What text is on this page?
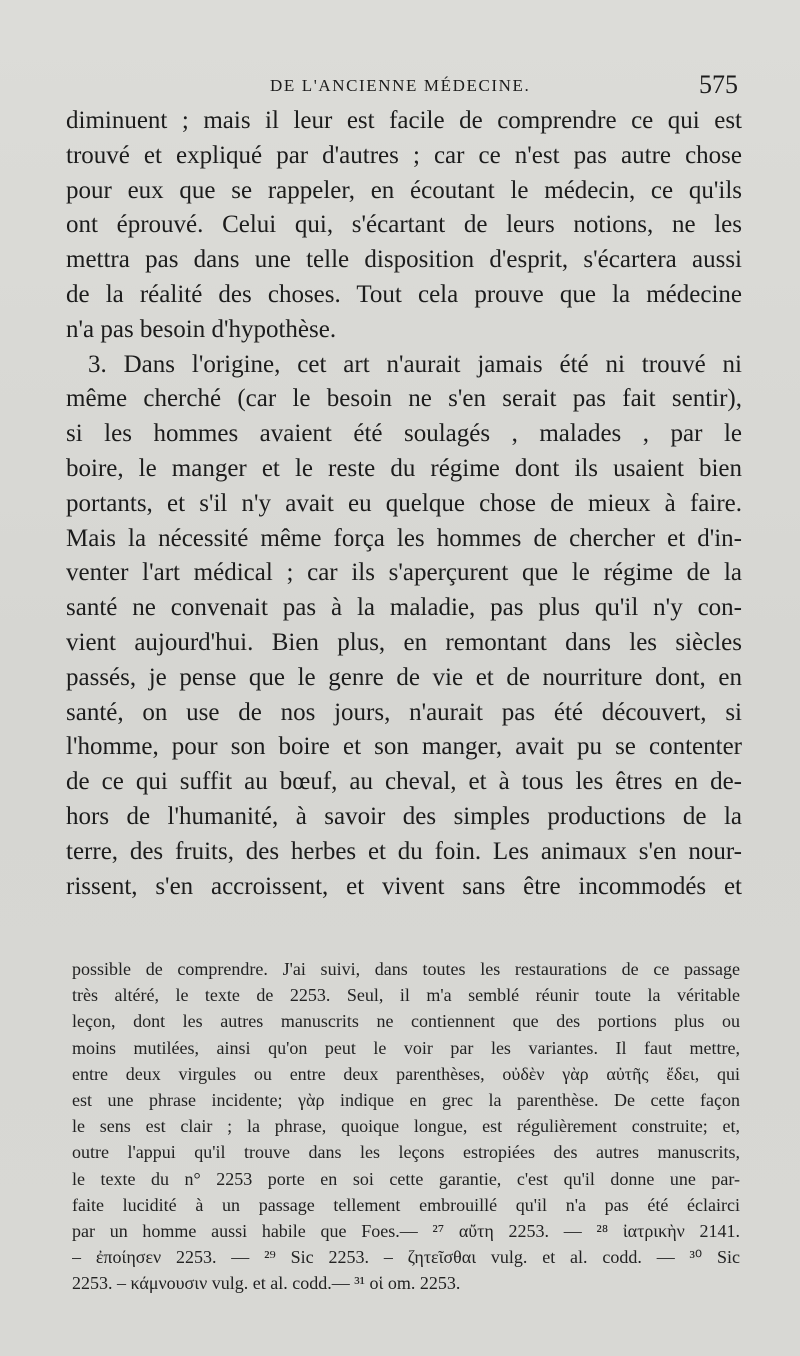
DE L'ANCIENNE MÉDECINE.	575
diminuent ; mais il leur est facile de comprendre ce qui est
trouvé et expliqué par d'autres ; car ce n'est pas autre chose
pour eux que se rappeler, en écoutant le médecin, ce qu'ils
ont éprouvé. Celui qui, s'écartant de leurs notions, ne les
mettra pas dans une telle disposition d'esprit, s'écartera aussi
de la réalité des choses. Tout cela prouve que la médecine
n'a pas besoin d'hypothèse.
3. Dans l'origine, cet art n'aurait jamais été ni trouvé ni
même cherché (car le besoin ne s'en serait pas fait sentir),
si les hommes avaient été soulagés , malades , par le
boire, le manger et le reste du régime dont ils usaient bien
portants, et s'il n'y avait eu quelque chose de mieux à faire.
Mais la nécessité même força les hommes de chercher et d'in-
venter l'art médical ; car ils s'aperçurent que le régime de la
santé ne convenait pas à la maladie, pas plus qu'il n'y con-
vient aujourd'hui. Bien plus, en remontant dans les siècles
passés, je pense que le genre de vie et de nourriture dont, en
santé, on use de nos jours, n'aurait pas été découvert, si
l'homme, pour son boire et son manger, avait pu se contenter
de ce qui suffit au bœuf, au cheval, et à tous les êtres en de-
hors de l'humanité, à savoir des simples productions de la
terre, des fruits, des herbes et du foin. Les animaux s'en nour-
rissent, s'en accroissent, et vivent sans être incommodés et
possible de comprendre. J'ai suivi, dans toutes les restaurations de ce passage
très altéré, le texte de 2253. Seul, il m'a semblé réunir toute la véritable
leçon, dont les autres manuscrits ne contiennent que des portions plus ou
moins mutilées, ainsi qu'on peut le voir par les variantes. Il faut mettre,
entre deux virgules ou entre deux parenthèses, οὐδὲν γὰρ αὐτῆς ἔδει, qui
est une phrase incidente; γὰρ indique en grec la parenthèse. De cette façon
le sens est clair ; la phrase, quoique longue, est régulièrement construite; et,
outre l'appui qu'il trouve dans les leçons estropiées des autres manuscrits,
le texte du n° 2253 porte en soi cette garantie, c'est qu'il donne une par-
faite lucidité à un passage tellement embrouillé qu'il n'a pas été éclairci
par un homme aussi habile que Foes.— ²⁷ αὔτη 2253. — ²⁸ ἰατρικὴν 2141.
– ἐποίησεν 2253. — ²⁹ Sic 2253. – ζητεῖσθαι vulg. et al. codd. — ³⁰ Sic
2253. – κάμνουσιν vulg. et al. codd.— ³¹ οἱ om. 2253.
